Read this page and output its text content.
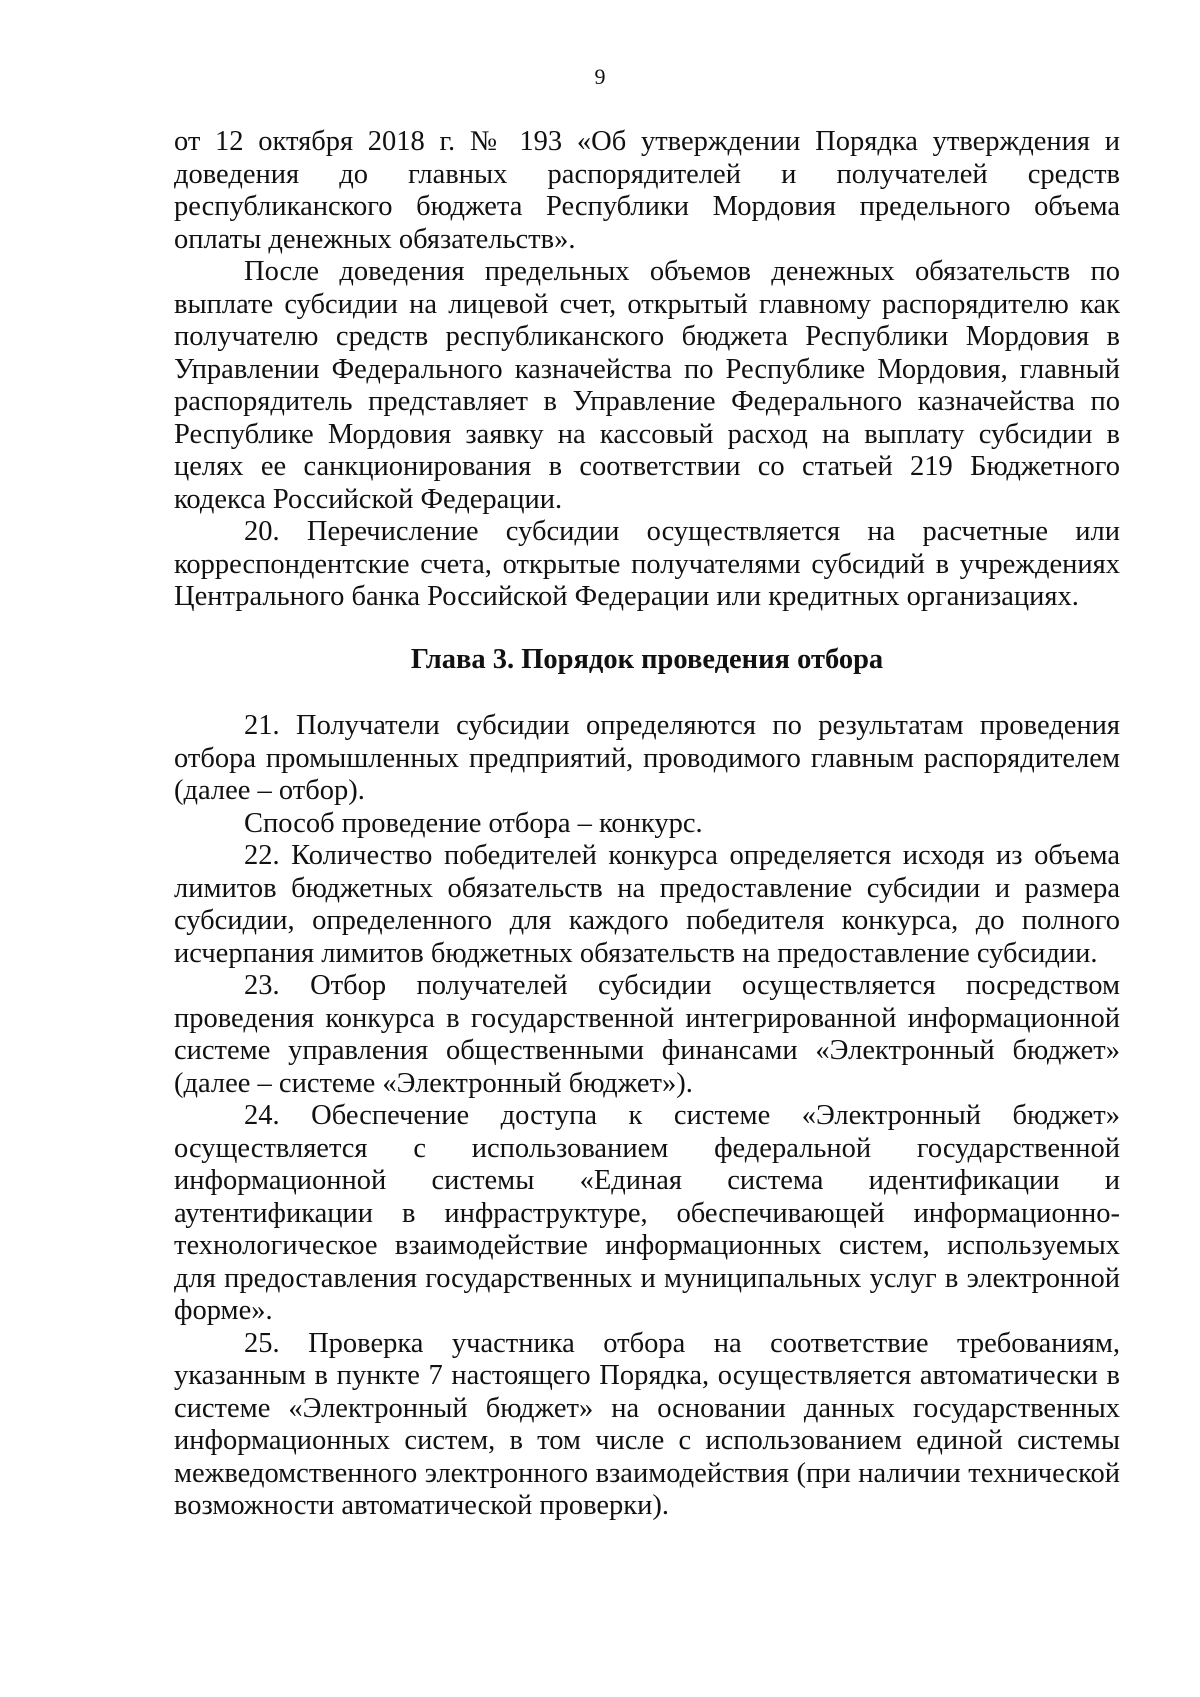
9

от 12 октября 2018 г. № 193 «Об утверждении Порядка утверждения и доведения до главных распорядителей и получателей средств республиканского бюджета Республики Мордовия предельного объема оплаты денежных обязательств».

После доведения предельных объемов денежных обязательств по выплате субсидии на лицевой счет, открытый главному распорядителю как получателю средств республиканского бюджета Республики Мордовия в Управлении Федерального казначейства по Республике Мордовия, главный распорядитель представляет в Управление Федерального казначейства по Республике Мордовия заявку на кассовый расход на выплату субсидии в целях ее санкционирования в соответствии со статьей 219 Бюджетного кодекса Российской Федерации.

20. Перечисление субсидии осуществляется на расчетные или корреспондентские счета, открытые получателями субсидий в учреждениях Центрального банка Российской Федерации или кредитных организациях.

Глава 3. Порядок проведения отбора

21. Получатели субсидии определяются по результатам проведения отбора промышленных предприятий, проводимого главным распорядителем (далее – отбор).

Способ проведение отбора – конкурс.

22. Количество победителей конкурса определяется исходя из объема лимитов бюджетных обязательств на предоставление субсидии и размера субсидии, определенного для каждого победителя конкурса, до полного исчерпания лимитов бюджетных обязательств на предоставление субсидии.

23. Отбор получателей субсидии осуществляется посредством проведения конкурса в государственной интегрированной информационной системе управления общественными финансами «Электронный бюджет» (далее – системе «Электронный бюджет»).

24. Обеспечение доступа к системе «Электронный бюджет» осуществляется с использованием федеральной государственной информационной системы «Единая система идентификации и аутентификации в инфраструктуре, обеспечивающей информационно-технологическое взаимодействие информационных систем, используемых для предоставления государственных и муниципальных услуг в электронной форме».

25. Проверка участника отбора на соответствие требованиям, указанным в пункте 7 настоящего Порядка, осуществляется автоматически в системе «Электронный бюджет» на основании данных государственных информационных систем, в том числе с использованием единой системы межведомственного электронного взаимодействия (при наличии технической возможности автоматической проверки).
